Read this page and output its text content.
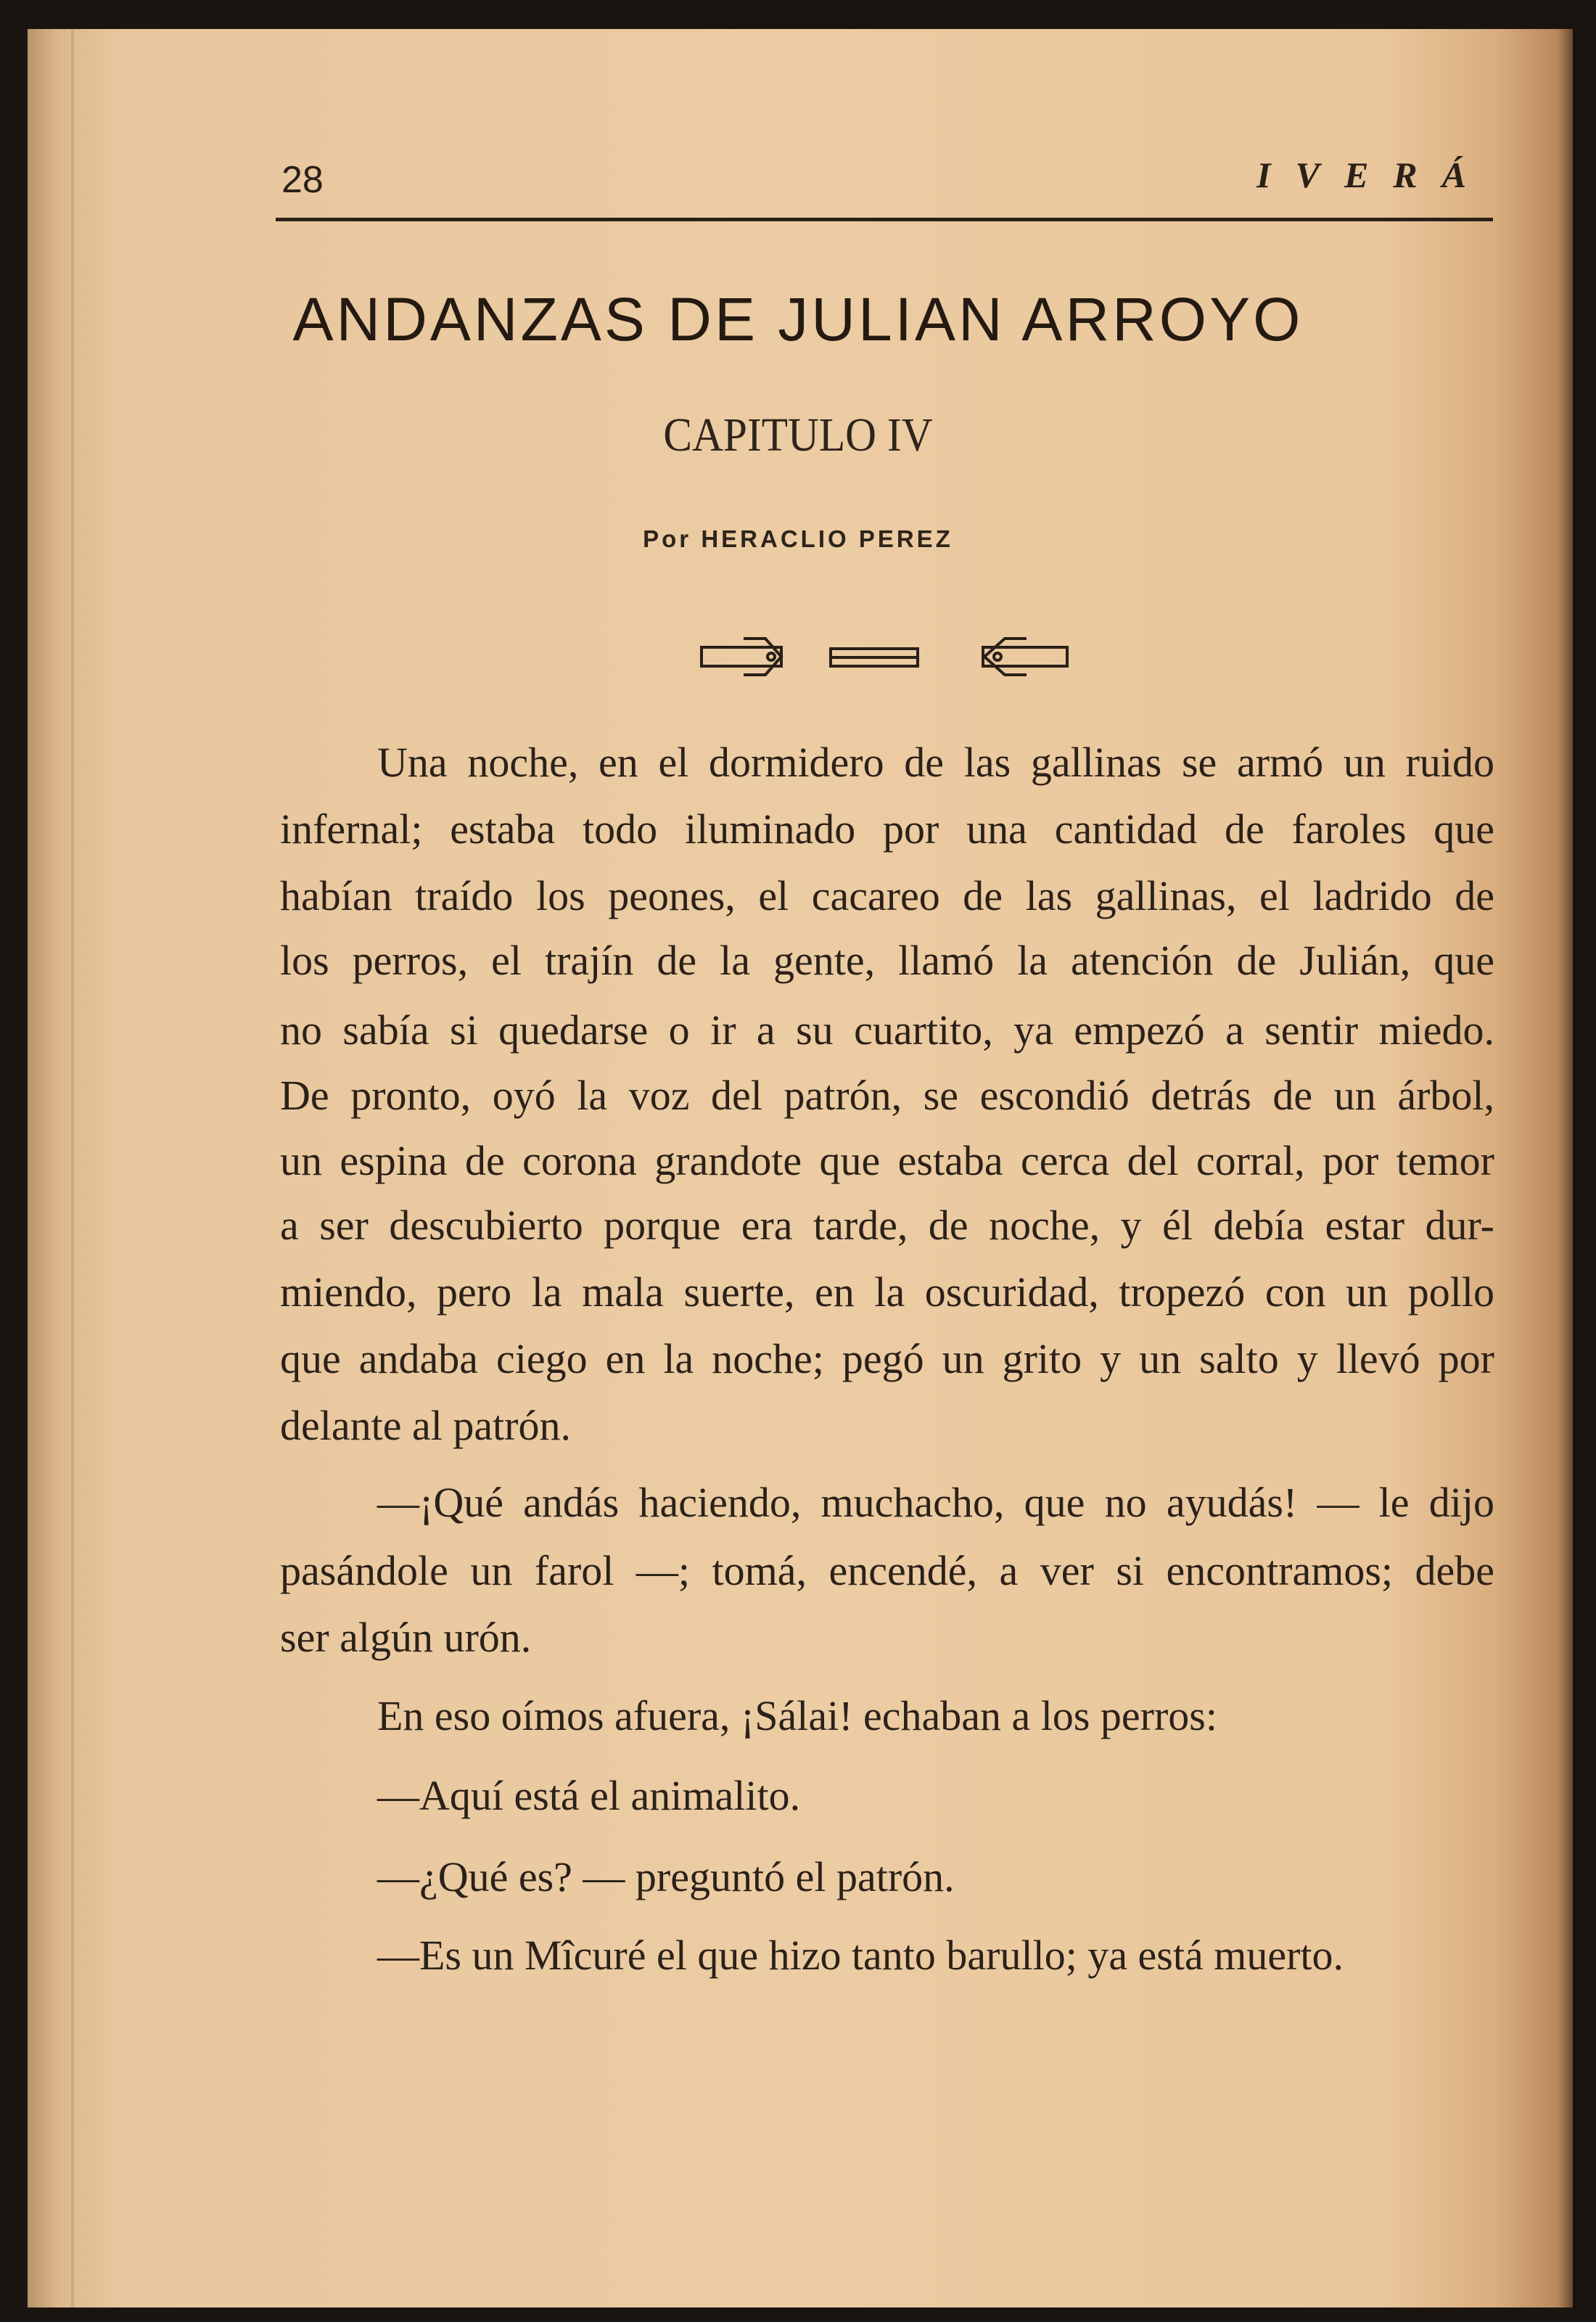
28	IVERÁ
ANDANZAS DE JULIAN ARROYO
CAPITULO IV
Por HERACLIO PEREZ
Una noche, en el dormidero de las gallinas se armó un ruido
infernal; estaba todo iluminado por una cantidad de faroles que
habían traído los peones, el cacareo de las gallinas, el ladrido de
los perros, el trajín de la gente, llamó la atención de Julián, que
no sabía si quedarse o ir a su cuartito, ya empezó a sentir miedo.
De pronto, oyó la voz del patrón, se escondió detrás de un árbol,
un espina de corona grandote que estaba cerca del corral, por temor
a ser descubierto porque era tarde, de noche, y él debía estar dur-
miendo, pero la mala suerte, en la oscuridad, tropezó con un pollo
que andaba ciego en la noche; pegó un grito y un salto y llevó por
delante al patrón.
—¡Qué andás haciendo, muchacho, que no ayudás! — le dijo
pasándole un farol —; tomá, encendé, a ver si encontramos; debe
ser algún urón.
En eso oímos afuera, ¡Sálai! echaban a los perros:
—Aquí está el animalito.
—¿Qué es? — preguntó el patrón.
—Es un Mîcuré el que hizo tanto barullo; ya está muerto.
